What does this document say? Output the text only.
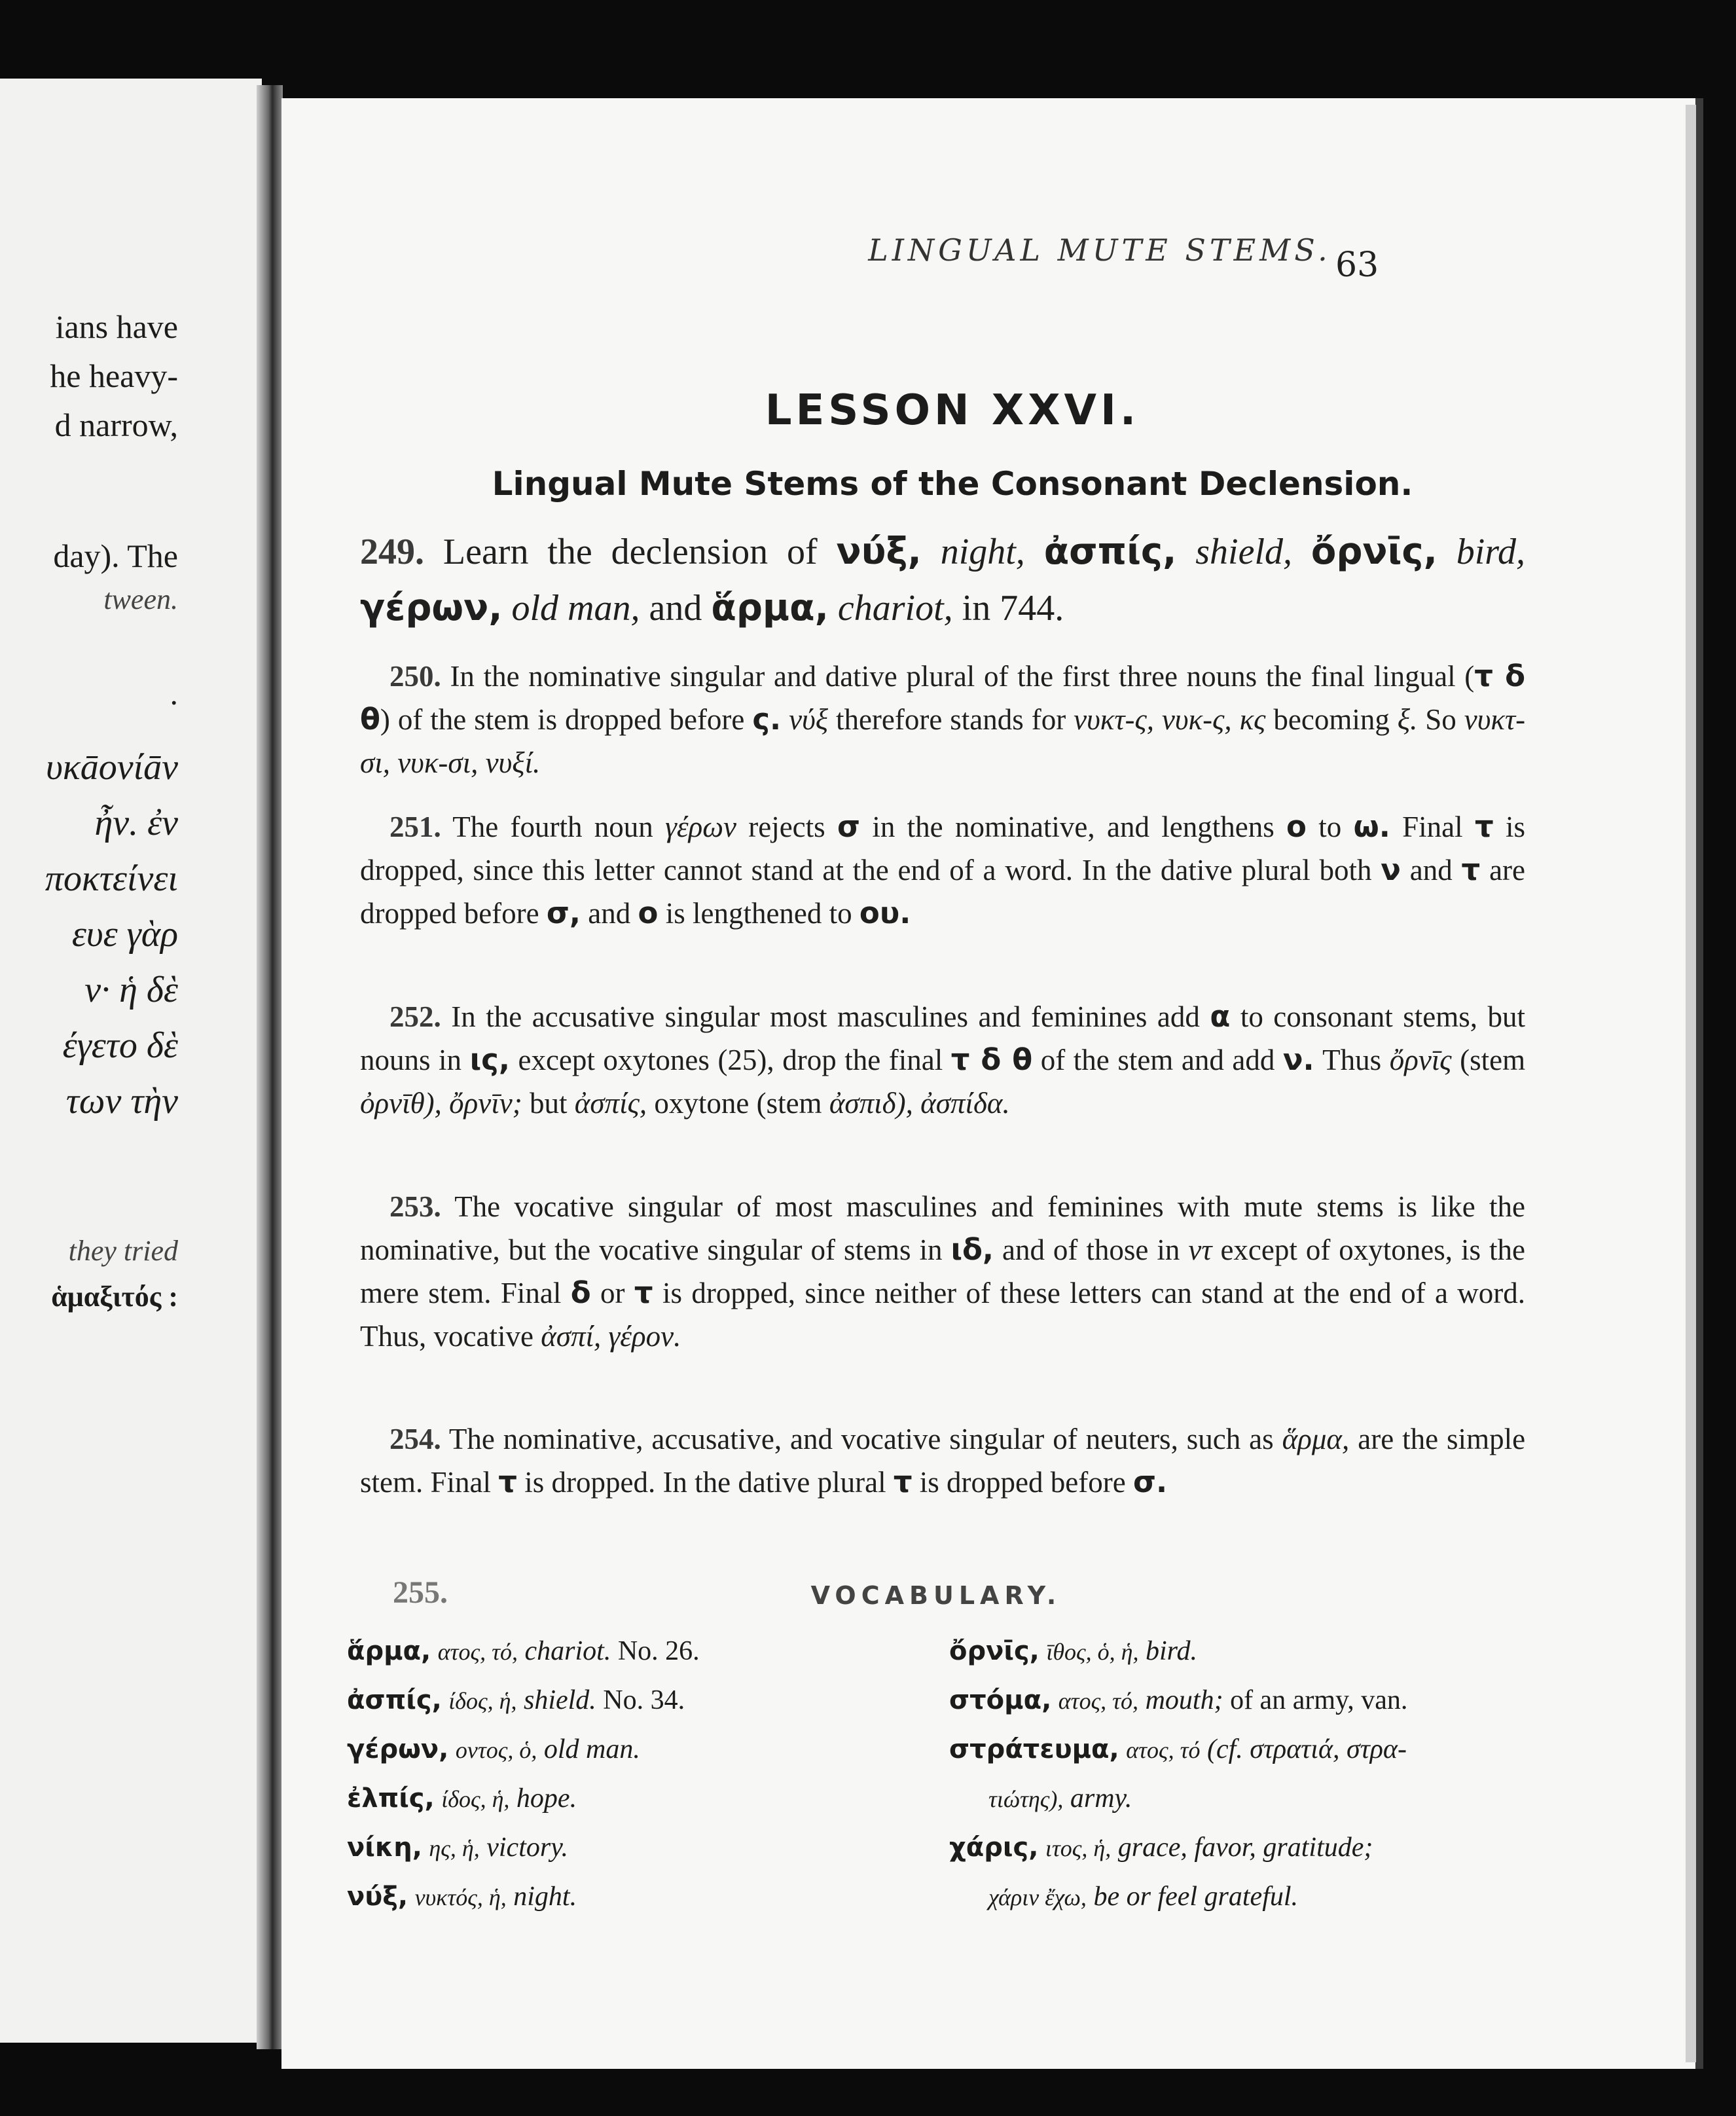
ians have
he heavy-
d narrow,
day). The
tween.
.
υκāονίāν
ἦν. ἐν
ποκτείνει
ευε γὰρ
ν· ἡ δὲ
έγετο δὲ
των τὴν
they tried
ἁμαξιτός :
LINGUAL MUTE STEMS. 63
LESSON XXVI.
Lingual Mute Stems of the Consonant Declension.
249. Learn the declension of νύξ, night, ἀσπίς, shield, ὄρνῑς, bird, γέρων, old man, and ἅρμα, chariot, in 744.
 250. In the nominative singular and dative plural of the first three nouns the final lingual (τ δ θ) of the stem is dropped before ς. νύξ therefore stands for νυκτ-ς, νυκ-ς, κς becoming ξ. So νυκτ-σι, νυκ-σι, νυξί.
 251. The fourth noun γέρων rejects σ in the nominative, and lengthens ο to ω. Final τ is dropped, since this letter cannot stand at the end of a word. In the dative plural both ν and τ are dropped before σ, and ο is lengthened to ου.
 252. In the accusative singular most masculines and feminines add α to consonant stems, but nouns in ις, except oxytones (25), drop the final τ δ θ of the stem and add ν. Thus ὄρνῑς (stem ὀρνῑθ), ὄρνῑν; but ἀσπίς, oxytone (stem ἀσπιδ), ἀσπίδα.
 253. The vocative singular of most masculines and feminines with mute stems is like the nominative, but the vocative singular of stems in ιδ, and of those in ντ except of oxytones, is the mere stem. Final δ or τ is dropped, since neither of these letters can stand at the end of a word. Thus, vocative ἀσπί, γέρον.
 254. The nominative, accusative, and vocative singular of neuters, such as ἅρμα, are the simple stem. Final τ is dropped. In the dative plural τ is dropped before σ.
255.	VOCABULARY.
ἅρμα, ατος, τό, chariot. No. 26.
ἀσπίς, ίδος, ἡ, shield. No. 34.
γέρων, οντος, ὁ, old man.
ἐλπίς, ίδος, ἡ, hope.
νίκη, ης, ἡ, victory.
νύξ, νυκτός, ἡ, night.
ὄρνῑς, ῑθος, ὁ, ἡ, bird.
στόμα, ατος, τό, mouth; of an army, van.
στράτευμα, ατος, τό (cf. στρατιά, στρα-
τιώτης), army.
χάρις, ιτος, ἡ, grace, favor, gratitude;
χάριν ἔχω, be or feel grateful.
